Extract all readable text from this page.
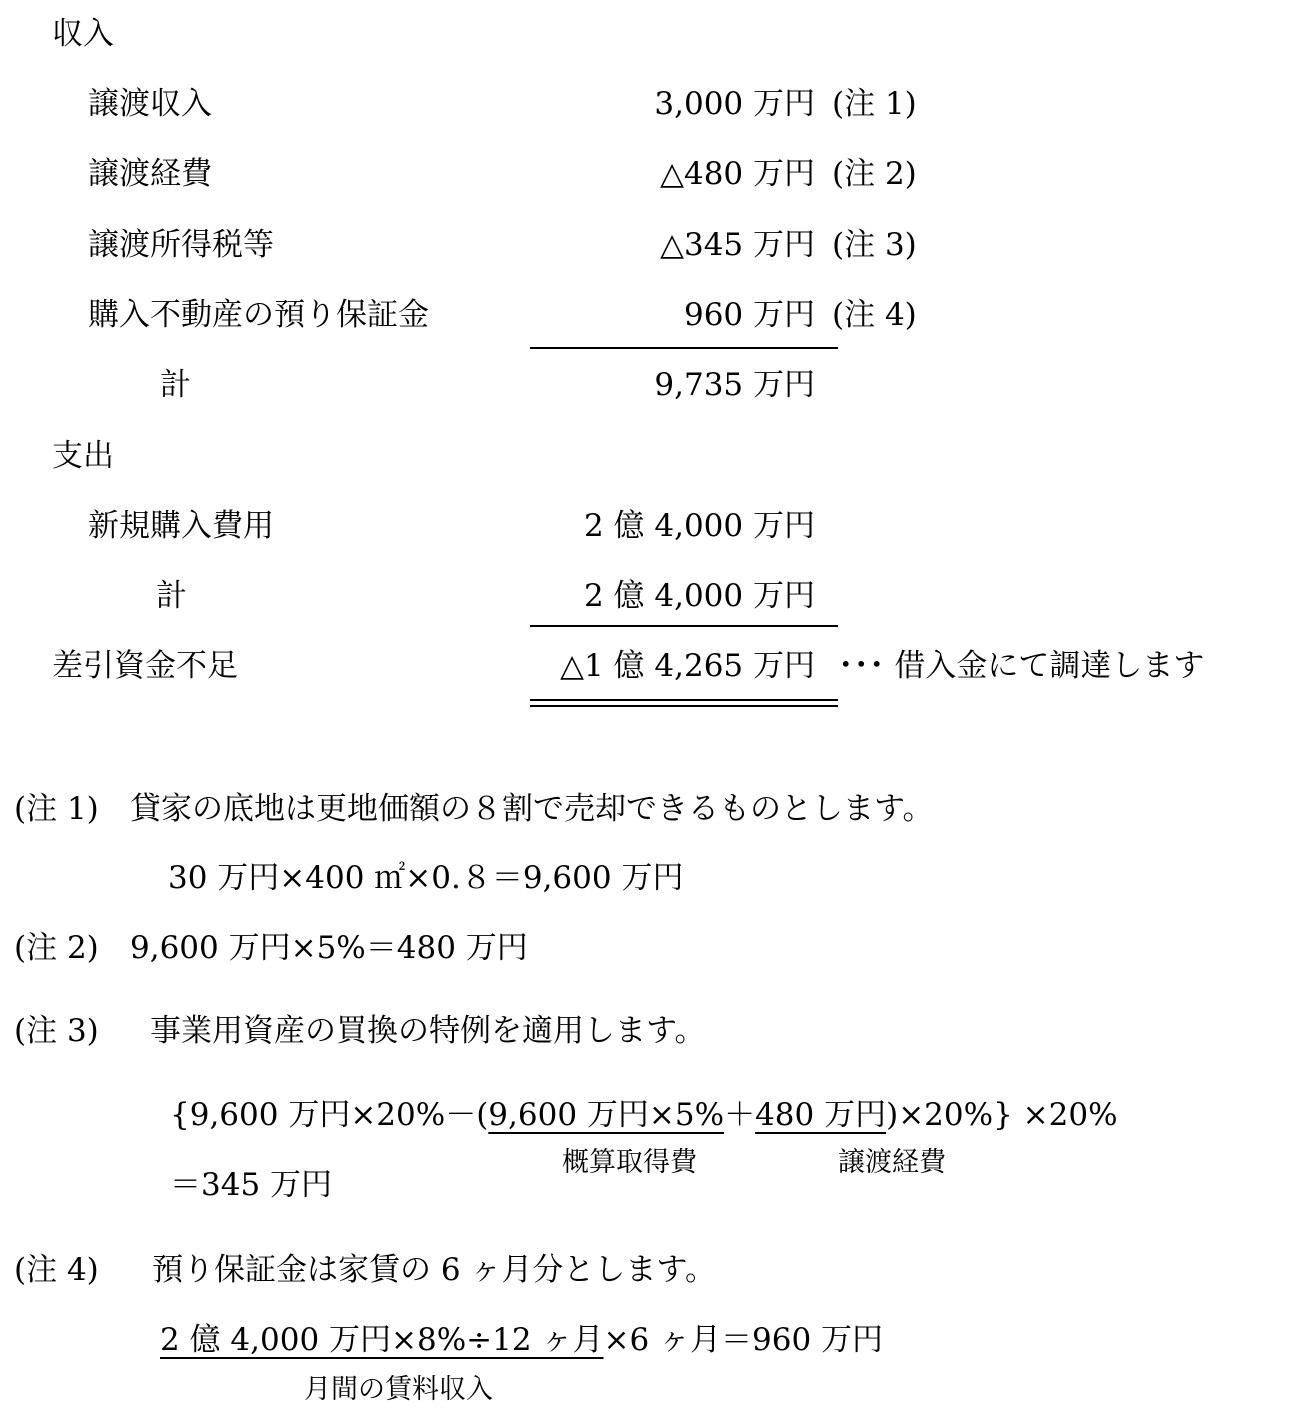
収入
譲渡収入	3,000 万円 (注 1)
譲渡経費	△480 万円 (注 2)
譲渡所得税等	△345 万円 (注 3)
購入不動産の預り保証金	960 万円 (注 4)
計	9,735 万円
支出
新規購入費用	2 億 4,000 万円
計	2 億 4,000 万円
差引資金不足	△1 億 4,265 万円 ･･･ 借入金にて調達します
(注 1) 貸家の底地は更地価額の８割で売却できるものとします。
30 万円×400 ㎡×0.８＝9,600 万円
(注 2) 9,600 万円×5%＝480 万円
(注 3) 事業用資産の買換の特例を適用します。
{9,600 万円×20%－(9,600 万円×5%＋480 万円)×20%} ×20%
概算取得費	譲渡経費
＝345 万円
(注 4) 預り保証金は家賃の 6 ヶ月分とします。
2 億 4,000 万円×8%÷12 ヶ月×6 ヶ月＝960 万円
月間の賃料収入
